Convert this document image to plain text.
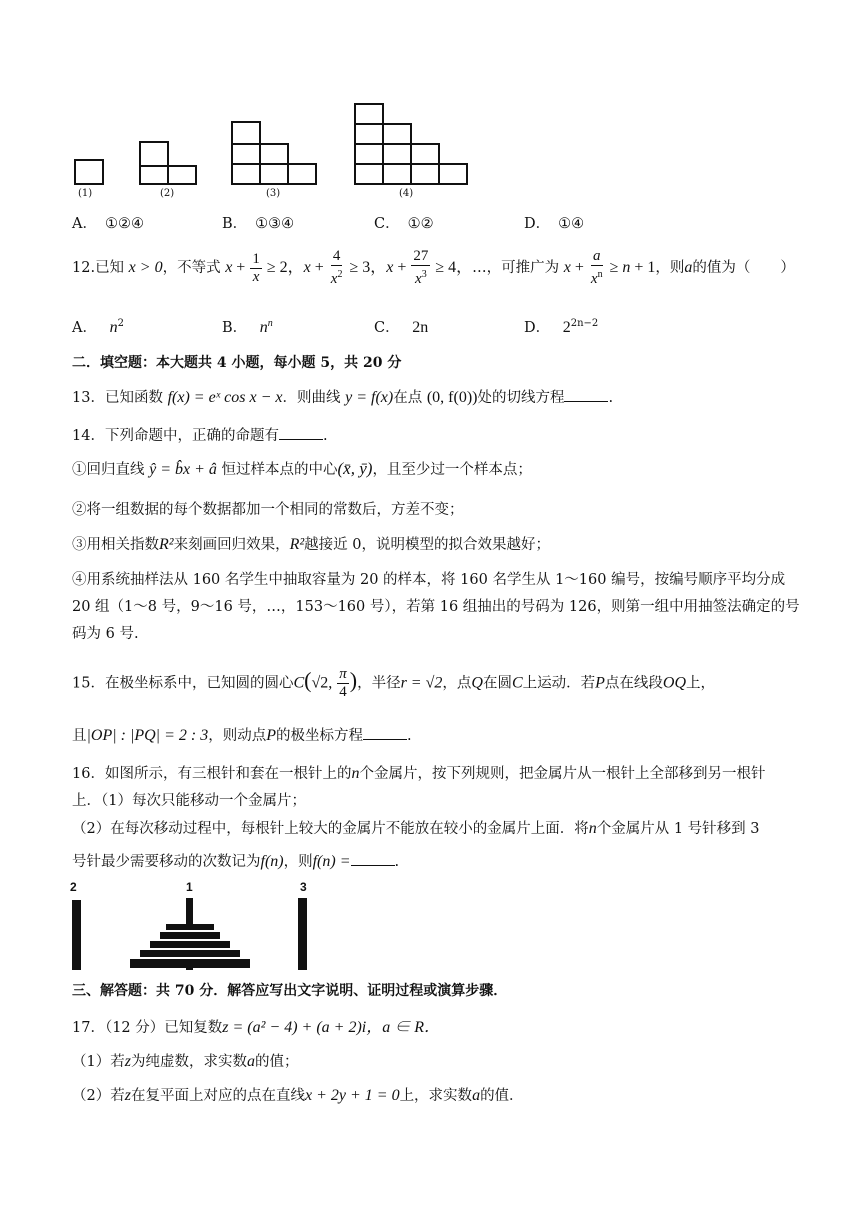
(1)	(2)	(3)	(4)
A． ①②④	B． ①③④	C． ①②	D． ①④
12.已知 x > 0，不等式 $x + \frac{1}{x} \ge 2$，$x + \frac{4}{x^2} \ge 3$，$x + \frac{27}{x^3} \ge 4$，…，可推广为 $x + \frac{a}{x^n} \ge n + 1$，则a的值为（ ）
A． $n^2$	B． $n^n$	C． 2n	D． $2^{2n-2}$
二．填空题：本大题共 4 小题，每小题 5，共 20 分
13．已知函数 f(x) = eˣ cos x − x．则曲线 y = f(x)在点 (0, f(0))处的切线方程	.
14．下列命题中，正确的命题有	.
①回归直线 ŷ = b̂x + â 恒过样本点的中心(x̄, ȳ)，且至少过一个样本点；
②将一组数据的每个数据都加一个相同的常数后，方差不变；
③用相关指数R²来刻画回归效果，R²越接近 0，说明模型的拟合效果越好；
④用系统抽样法从 160 名学生中抽取容量为 20 的样本，将 160 名学生从 1～160 编号，按编号顺序平均分成
20 组（1～8 号，9～16 号，…，153～160 号），若第 16 组抽出的号码为 126，则第一组中用抽签法确定的号
码为 6 号.
15．在极坐标系中，已知圆的圆心C(√2, $\frac{\pi}{4}$ )，半径r = √2，点Q在圆C上运动．若P点在线段OQ上，
且|OP| : |PQ| = 2 : 3，则动点P的极坐标方程	.
16．如图所示，有三根针和套在一根针上的n个金属片，按下列规则，把金属片从一根针上全部移到另一根针
上．（1）每次只能移动一个金属片；
（2）在每次移动过程中，每根针上较大的金属片不能放在较小的金属片上面．将n个金属片从 1 号针移到 3
号针最少需要移动的次数记为f(n)，则f(n) =	.
2	1	3
三、解答题：共 70 分．解答应写出文字说明、证明过程或演算步骤．
17．（12 分）已知复数z = (a² − 4) + (a + 2)i，a ∈ R．
（1）若z为纯虚数，求实数a的值；
（2）若z在复平面上对应的点在直线x + 2y + 1 = 0上，求实数a的值．
